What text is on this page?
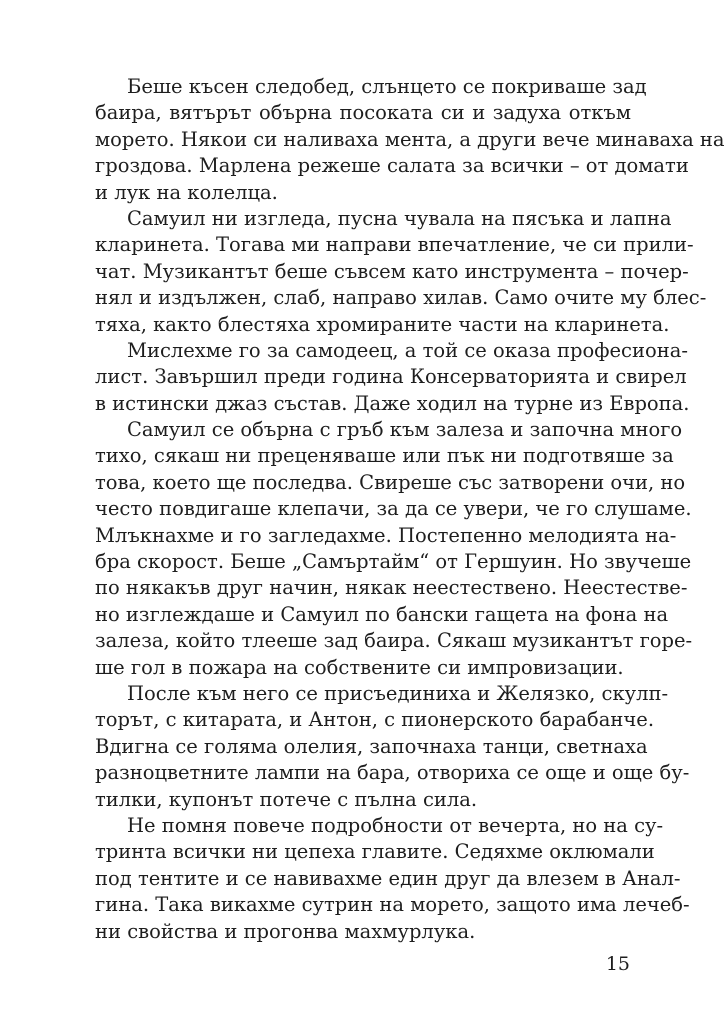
Беше късен следобед, слънцето се покриваше зад
баира, вятърът обърна посоката си и задуха откъм
морето. Някои си наливаха мента, а други вече минаваха на
гроздова. Марлена режеше салата за всички – от домати
и лук на колелца.
Самуил ни изгледа, пусна чувала на пясъка и лапна
кларинета. Тогава ми направи впечатление, че си прили-
чат. Музикантът беше съвсем като инструмента – почер-
нял и издължен, слаб, направо хилав. Само очите му блес-
тяха, както блестяха хромираните части на кларинета.
Мислехме го за самодеец, а той се оказа професиона-
лист. Завършил преди година Консерваторията и свирел
в истински джаз състав. Даже ходил на турне из Европа.
Самуил се обърна с гръб към залеза и започна много
тихо, сякаш ни преценяваше или пък ни подготвяше за
това, което ще последва. Свиреше със затворени очи, но
често повдигаше клепачи, за да се увери, че го слушаме.
Млъкнахме и го загледахме. Постепенно мелодията на-
бра скорост. Беше „Самъртайм“ от Гершуин. Но звучеше
по някакъв друг начин, някак неестествено. Неестестве-
но изглеждаше и Самуил по бански гащета на фона на
залеза, който тлееше зад баира. Сякаш музикантът горе-
ше гол в пожара на собствените си импровизации.
После към него се присъединиха и Желязко, скулп-
торът, с китарата, и Антон, с пионерското барабанче.
Вдигна се голяма олелия, започнаха танци, светнаха
разноцветните лампи на бара, отвориха се още и още бу-
тилки, купонът потече с пълна сила.
Не помня повече подробности от вечерта, но на су-
тринта всички ни цепеха главите. Седяхме оклюмали
под тентите и се навивахме един друг да влезем в Анал-
гина. Така викахме сутрин на морето, защото има лечеб-
ни свойства и прогонва махмурлука.
15
